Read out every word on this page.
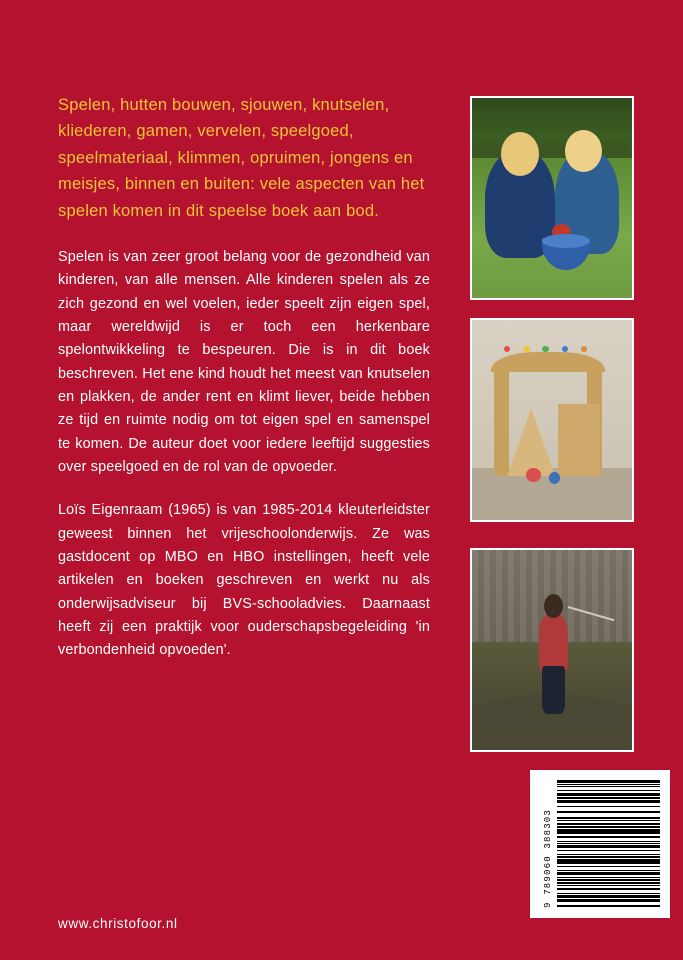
Spelen, hutten bouwen, sjouwen, knutselen, kliederen, gamen, vervelen, speelgoed, speelmateriaal, klimmen, opruimen, jongens en meisjes, binnen en buiten: vele aspecten van het spelen komen in dit speelse boek aan bod.

Spelen is van zeer groot belang voor de gezondheid van kinderen, van alle mensen. Alle kinderen spelen als ze zich gezond en wel voelen, ieder speelt zijn eigen spel, maar wereldwijd is er toch een herkenbare spelontwikkeling te bespeuren. Die is in dit boek beschreven. Het ene kind houdt het meest van knutselen en plakken, de ander rent en klimt liever, beide hebben ze tijd en ruimte nodig om tot eigen spel en samenspel te komen. De auteur doet voor iedere leeftijd suggesties over speelgoed en de rol van de opvoeder.

Loïs Eigenraam (1965) is van 1985-2014 kleuterleidster geweest binnen het vrijeschoolonderwijs. Ze was gastdocent op MBO en HBO instellingen, heeft vele artikelen en boeken geschreven en werkt nu als onderwijsadviseur bij BVS-schooladvies. Daarnaast heeft zij een praktijk voor ouderschapsbegeleiding 'in verbondenheid opvoeden'.

9 789060 388303
www.christofoor.nl
